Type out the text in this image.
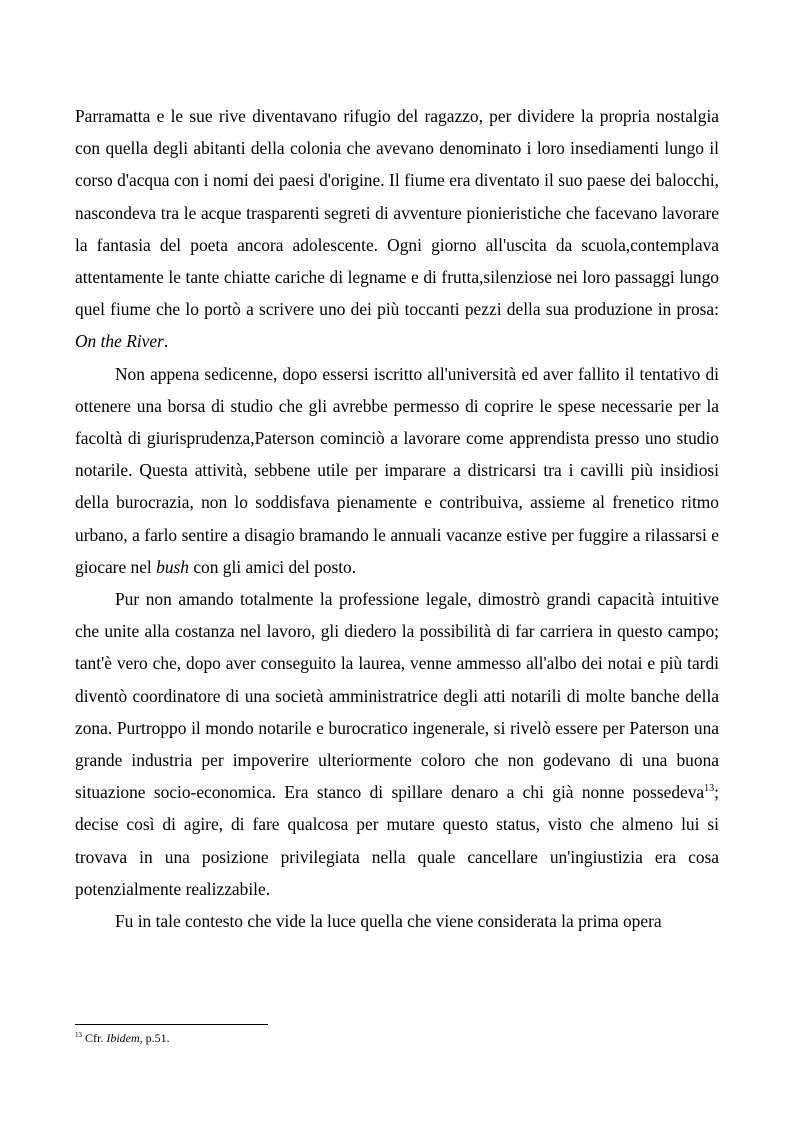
Parramatta e le sue rive diventavano rifugio del ragazzo, per dividere la propria nostalgia con quella degli abitanti della colonia che avevano denominato i loro insediamenti lungo il corso d'acqua con i nomi dei paesi d'origine. Il fiume era diventato il suo paese dei balocchi, nascondeva tra le acque trasparenti segreti di avventure pionieristiche che facevano lavorare la fantasia del poeta ancora adolescente. Ogni giorno all'uscita da scuola,contemplava attentamente le tante chiatte cariche di legname e di frutta,silenziose nei loro passaggi lungo quel fiume che lo portò a scrivere uno dei più toccanti pezzi della sua produzione in prosa: On the River.

Non appena sedicenne, dopo essersi iscritto all'università ed aver fallito il tentativo di ottenere una borsa di studio che gli avrebbe permesso di coprire le spese necessarie per la facoltà di giurisprudenza,Paterson cominciò a lavorare come apprendista presso uno studio notarile. Questa attività, sebbene utile per imparare a districarsi tra i cavilli più insidiosi della burocrazia, non lo soddisfava pienamente e contribuiva, assieme al frenetico ritmo urbano, a farlo sentire a disagio bramando le annuali vacanze estive per fuggire a rilassarsi e giocare nel bush con gli amici del posto.

Pur non amando totalmente la professione legale, dimostrò grandi capacità intuitive che unite alla costanza nel lavoro, gli diedero la possibilità di far carriera in questo campo; tant'è vero che, dopo aver conseguito la laurea, venne ammesso all'albo dei notai e più tardi diventò coordinatore di una società amministratrice degli atti notarili di molte banche della zona. Purtroppo il mondo notarile e burocratico ingenerale, si rivelò essere per Paterson una grande industria per impoverire ulteriormente coloro che non godevano di una buona situazione socio-economica. Era stanco di spillare denaro a chi già nonne possedeva$^{13}$; decise così di agire, di fare qualcosa per mutare questo status, visto che almeno lui si trovava in una posizione privilegiata nella quale cancellare un'ingiustizia era cosa potenzialmente realizzabile.

Fu in tale contesto che vide la luce quella che viene considerata la prima opera

$^{13}$ Cfr. Ibidem, p.51.
